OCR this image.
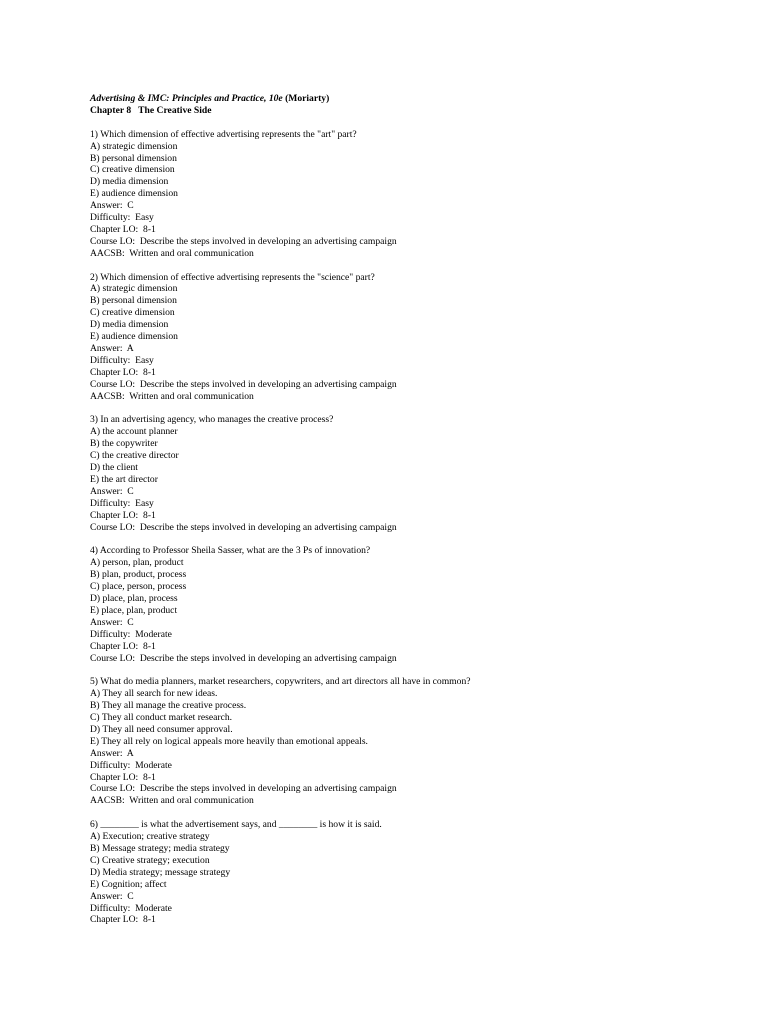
Advertising & IMC: Principles and Practice, 10e (Moriarty)
Chapter 8   The Creative Side
1) Which dimension of effective advertising represents the "art" part?
A) strategic dimension
B) personal dimension
C) creative dimension
D) media dimension
E) audience dimension
Answer:  C
Difficulty:  Easy
Chapter LO:  8-1
Course LO:  Describe the steps involved in developing an advertising campaign
AACSB:  Written and oral communication
2) Which dimension of effective advertising represents the "science" part?
A) strategic dimension
B) personal dimension
C) creative dimension
D) media dimension
E) audience dimension
Answer:  A
Difficulty:  Easy
Chapter LO:  8-1
Course LO:  Describe the steps involved in developing an advertising campaign
AACSB:  Written and oral communication
3) In an advertising agency, who manages the creative process?
A) the account planner
B) the copywriter
C) the creative director
D) the client
E) the art director
Answer:  C
Difficulty:  Easy
Chapter LO:  8-1
Course LO:  Describe the steps involved in developing an advertising campaign
4) According to Professor Sheila Sasser, what are the 3 Ps of innovation?
A) person, plan, product
B) plan, product, process
C) place, person, process
D) place, plan, process
E) place, plan, product
Answer:  C
Difficulty:  Moderate
Chapter LO:  8-1
Course LO:  Describe the steps involved in developing an advertising campaign
5) What do media planners, market researchers, copywriters, and art directors all have in common?
A) They all search for new ideas.
B) They all manage the creative process.
C) They all conduct market research.
D) They all need consumer approval.
E) They all rely on logical appeals more heavily than emotional appeals.
Answer:  A
Difficulty:  Moderate
Chapter LO:  8-1
Course LO:  Describe the steps involved in developing an advertising campaign
AACSB:  Written and oral communication
6) ________ is what the advertisement says, and ________ is how it is said.
A) Execution; creative strategy
B) Message strategy; media strategy
C) Creative strategy; execution
D) Media strategy; message strategy
E) Cognition; affect
Answer:  C
Difficulty:  Moderate
Chapter LO:  8-1
